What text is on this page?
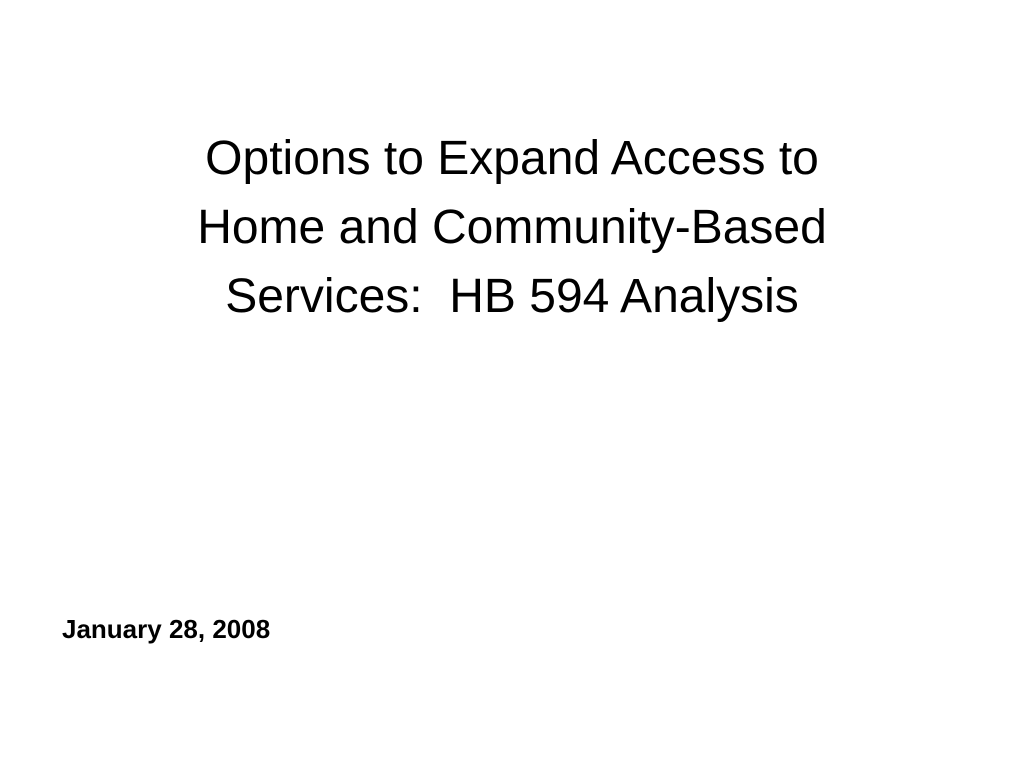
Options to Expand Access to
Home and Community-Based
Services:  HB 594 Analysis

January 28, 2008
